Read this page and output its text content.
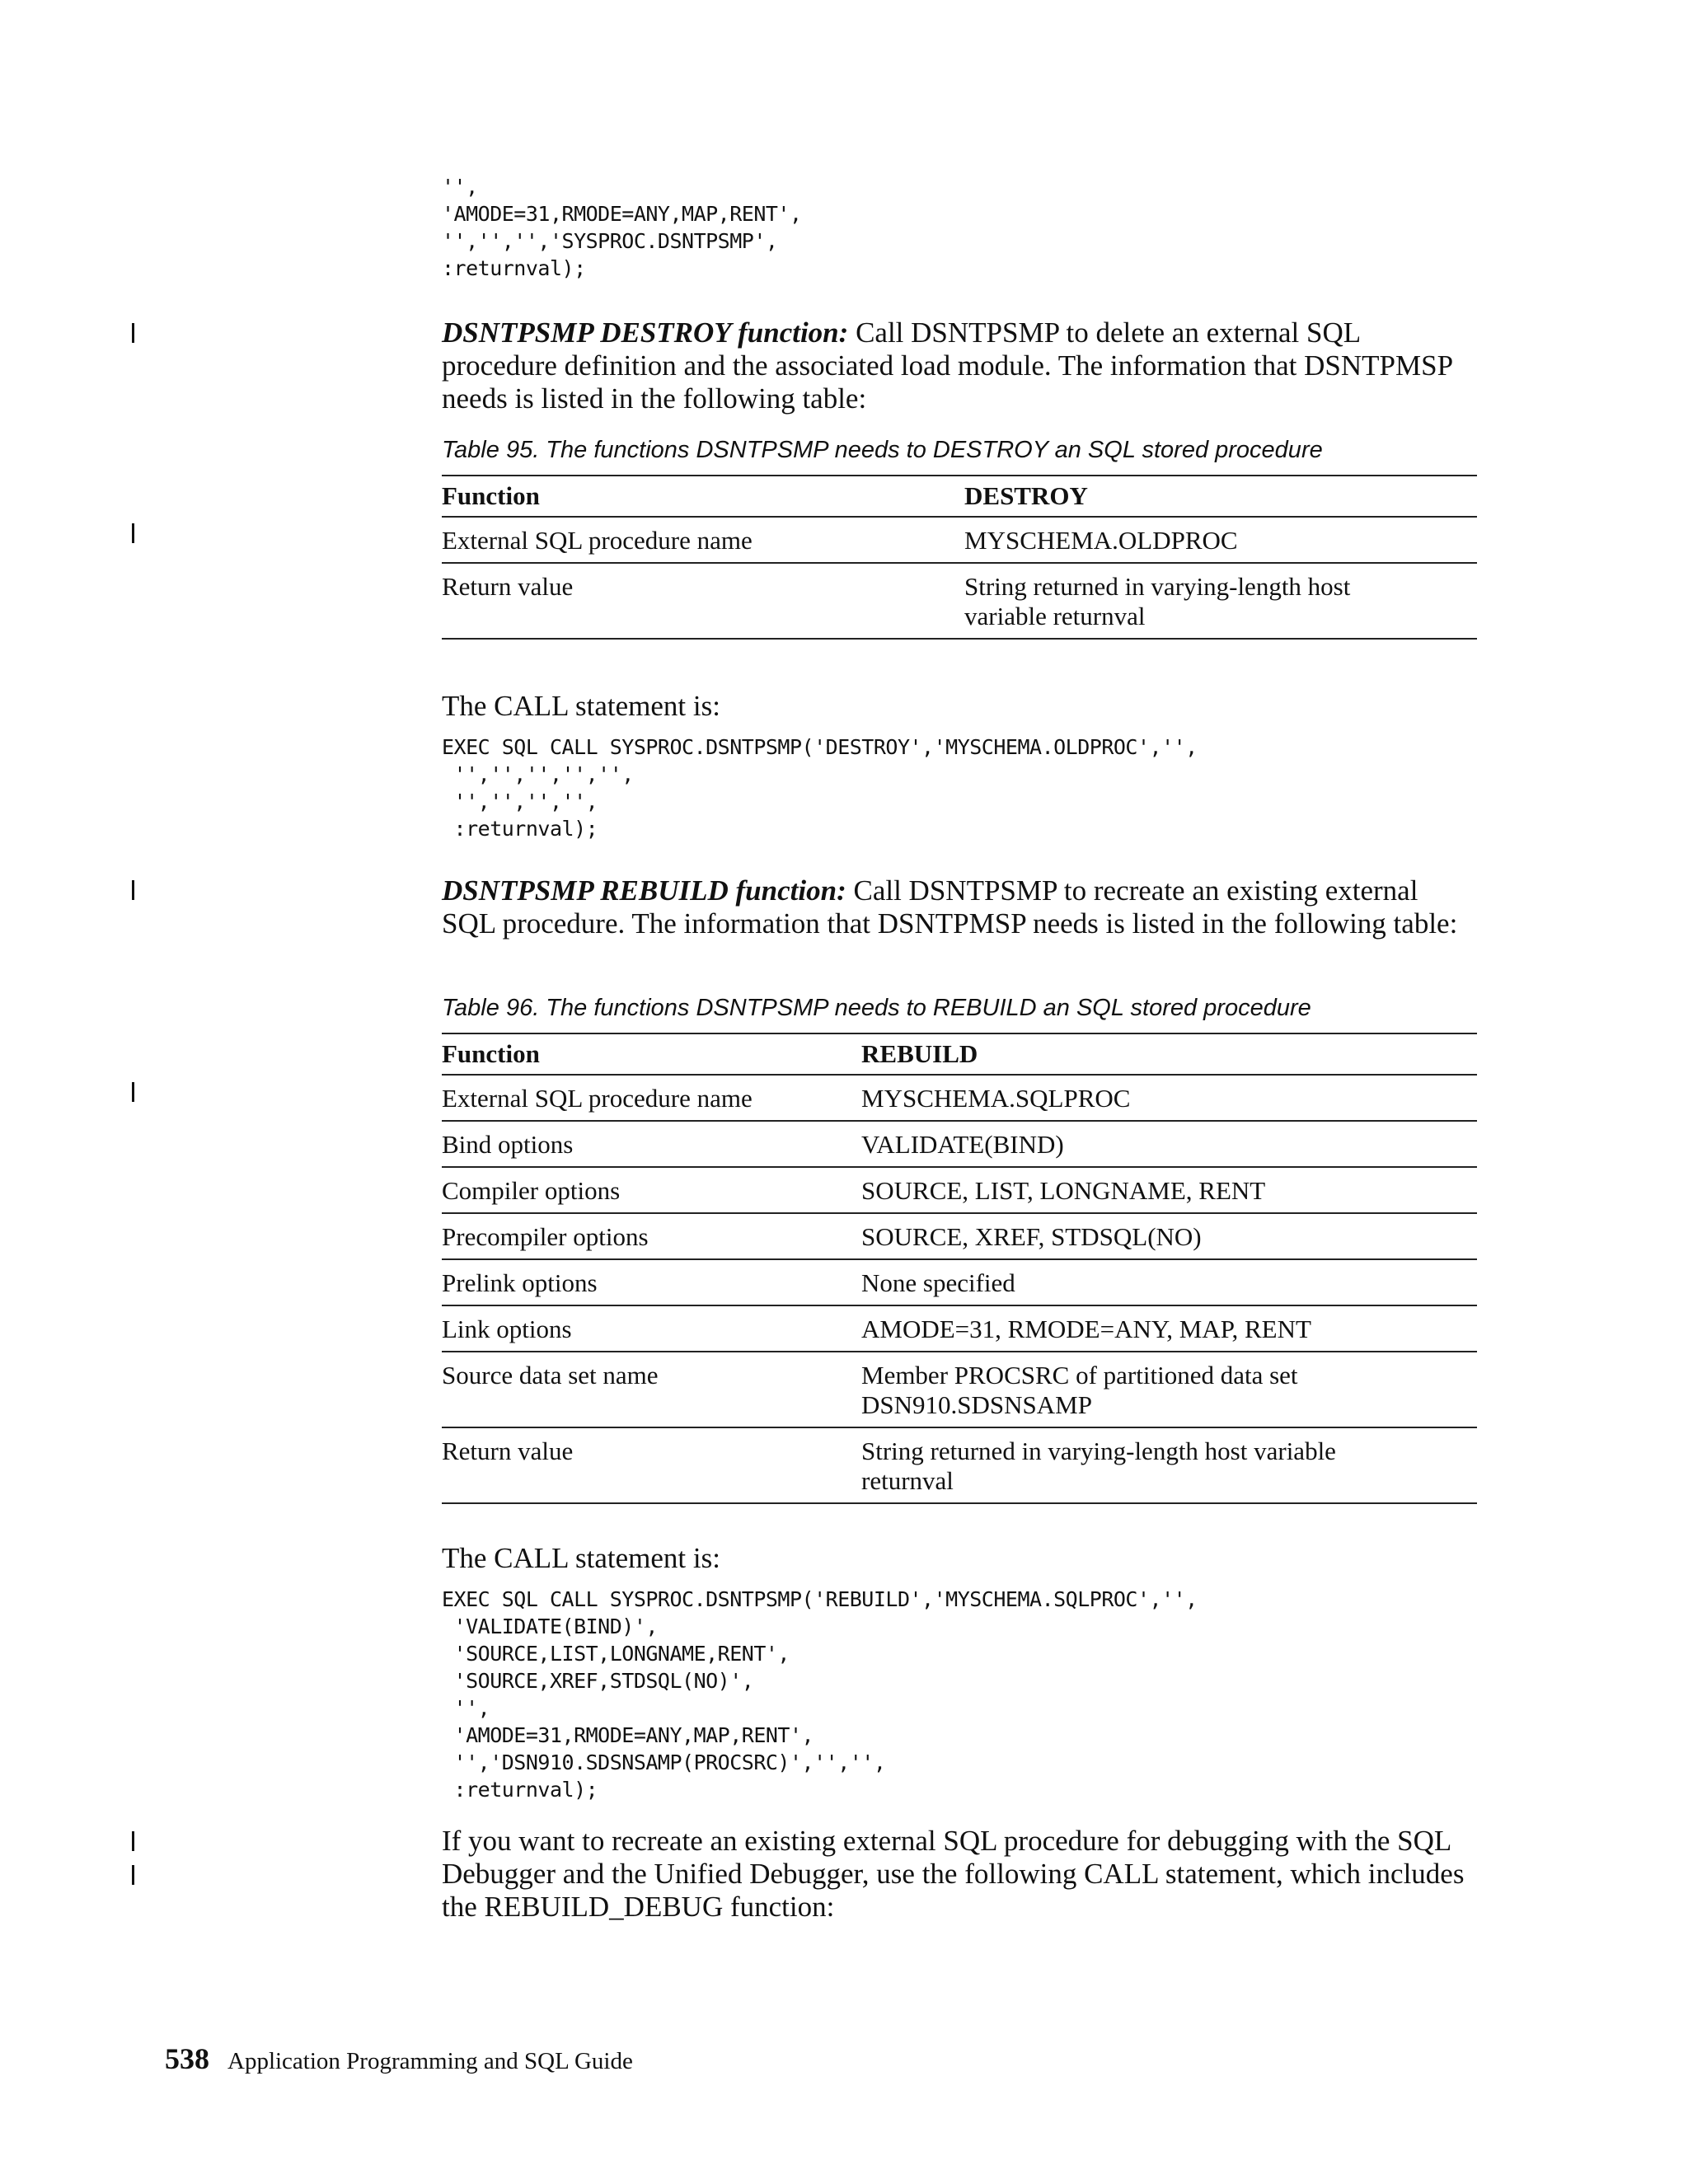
'',
'AMODE=31,RMODE=ANY,MAP,RENT',
'','','','SYSPROC.DSNTPSMP',
:returnval);

DSNTPSMP DESTROY function: Call DSNTPSMP to delete an external SQL procedure definition and the associated load module. The information that DSNTPMSP needs is listed in the following table:

Table 95. The functions DSNTPSMP needs to DESTROY an SQL stored procedure

Function	DESTROY
External SQL procedure name	MYSCHEMA.OLDPROC
Return value	String returned in varying-length host variable returnval

The CALL statement is:

EXEC SQL CALL SYSPROC.DSNTPSMP('DESTROY','MYSCHEMA.OLDPROC','',
'','','','','',
'','','','',
:returnval);

DSNTPSMP REBUILD function: Call DSNTPSMP to recreate an existing external SQL procedure. The information that DSNTPMSP needs is listed in the following table:

Table 96. The functions DSNTPSMP needs to REBUILD an SQL stored procedure

Function	REBUILD
External SQL procedure name	MYSCHEMA.SQLPROC
Bind options	VALIDATE(BIND)
Compiler options	SOURCE, LIST, LONGNAME, RENT
Precompiler options	SOURCE, XREF, STDSQL(NO)
Prelink options	None specified
Link options	AMODE=31, RMODE=ANY, MAP, RENT
Source data set name	Member PROCSRC of partitioned data set DSN910.SDSNSAMP
Return value	String returned in varying-length host variable returnval

The CALL statement is:

EXEC SQL CALL SYSPROC.DSNTPSMP('REBUILD','MYSCHEMA.SQLPROC','',
'VALIDATE(BIND)',
'SOURCE,LIST,LONGNAME,RENT',
'SOURCE,XREF,STDSQL(NO)',
'',
'AMODE=31,RMODE=ANY,MAP,RENT',
'','DSN910.SDSNSAMP(PROCSRC)','','',
:returnval);

If you want to recreate an existing external SQL procedure for debugging with the SQL Debugger and the Unified Debugger, use the following CALL statement, which includes the REBUILD_DEBUG function:

538 Application Programming and SQL Guide
